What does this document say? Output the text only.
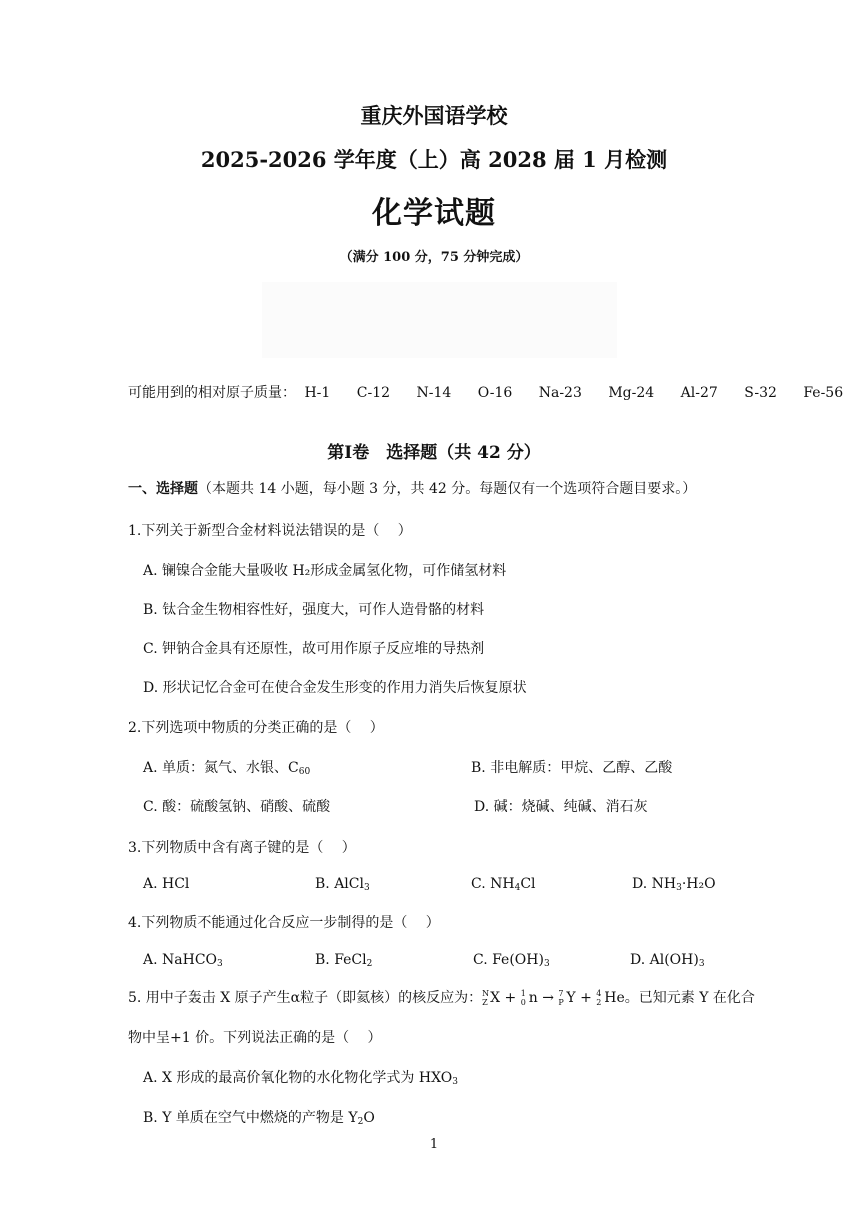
重庆外国语学校
2025-2026 学年度（上）高 2028 届 1 月检测
化学试题
（满分 100 分，75 分钟完成）
可能用到的相对原子质量： H-1 C-12 N-14 O-16 Na-23 Mg-24 Al-27 S-32 Fe-56
第I卷　选择题（共 42 分）
一、选择题（本题共 14 小题，每小题 3 分，共 42 分。每题仅有一个选项符合题目要求。）
1.下列关于新型合金材料说法错误的是（　 ）
A. 镧镍合金能大量吸收 H₂形成金属氢化物，可作储氢材料
B. 钛合金生物相容性好，强度大，可作人造骨骼的材料
C. 钾钠合金具有还原性，故可用作原子反应堆的导热剂
D. 形状记忆合金可在使合金发生形变的作用力消失后恢复原状
2.下列选项中物质的分类正确的是（　 ）
A. 单质：氮气、水银、$C_{60}$	B. 非电解质：甲烷、乙醇、乙酸
C. 酸：硫酸氢钠、硝酸、硫酸	D. 碱：烧碱、纯碱、消石灰
3.下列物质中含有离子键的是（　 ）
A. HCl	B. AlCl$_3$	C. $NH_4Cl$	D. $NH_3\cdot H_2O$
4.下列物质不能通过化合反应一步制得的是（　 ）
A. NaHCO$_3$	B. FeCl$_2$	C. $Fe(OH)_3$	D. $Al(OH)_3$
5. 用中子轰击 X 原子产生α粒子（即氦核）的核反应为： N
Z X + 1
0 n → 7
P Y + 4
2 He。已知元素 Y 在化合
物中呈+1 价。下列说法正确的是（　 ）
A. X 形成的最高价氧化物的水化物化学式为 $HXO_3$
B. Y 单质在空气中燃烧的产物是 $Y_2O$
1
